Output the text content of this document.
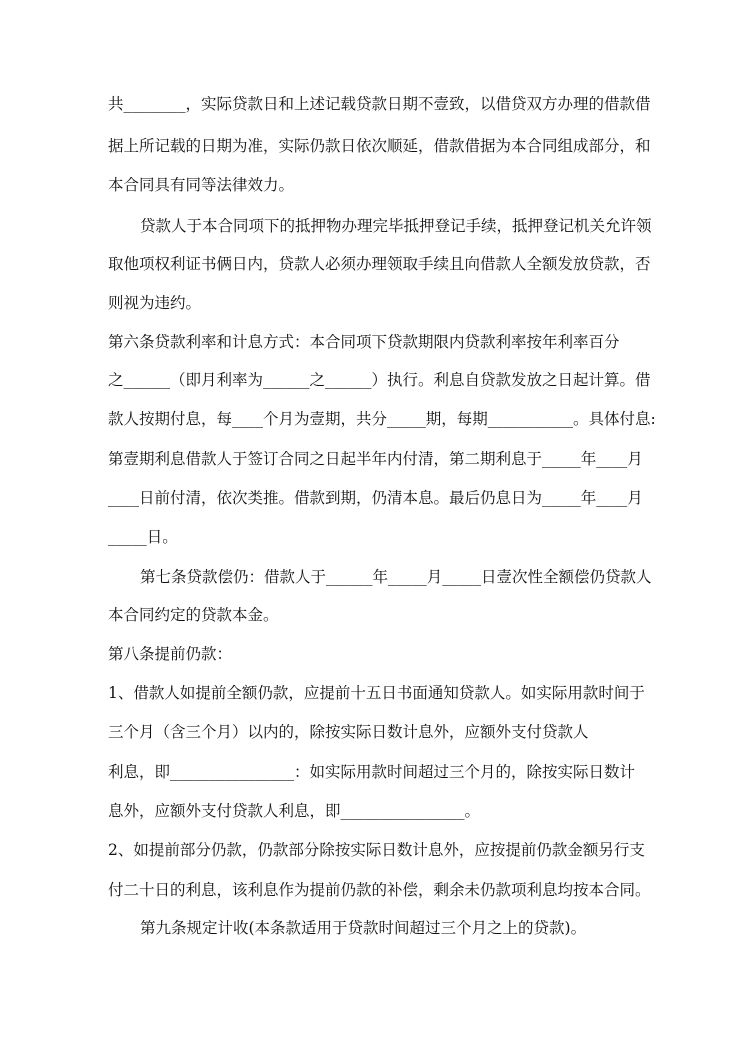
共________，实际贷款日和上述记载贷款日期不壹致，以借贷双方办理的借款借
据上所记载的日期为准，实际仍款日依次顺延，借款借据为本合同组成部分，和
本合同具有同等法律效力。
贷款人于本合同项下的抵押物办理完毕抵押登记手续，抵押登记机关允许领
取他项权利证书俩日内，贷款人必须办理领取手续且向借款人全额发放贷款，否
则视为违约。
第六条贷款利率和计息方式：本合同项下贷款期限内贷款利率按年利率百分
之______（即月利率为______之______）执行。利息自贷款发放之日起计算。借
款人按期付息，每____个月为壹期，共分_____期，每期___________。具体付息:
第壹期利息借款人于签订合同之日起半年内付清，第二期利息于_____年____月
____日前付清，依次类推。借款到期，仍清本息。最后仍息日为_____年____月
_____日。
第七条贷款偿仍：借款人于______年_____月_____日壹次性全额偿仍贷款人
本合同约定的贷款本金。
第八条提前仍款：
1、借款人如提前全额仍款，应提前十五日书面通知贷款人。如实际用款时间于
三个月（含三个月）以内的，除按实际日数计息外，应额外支付贷款人
利息，即________________：如实际用款时间超过三个月的，除按实际日数计
息外，应额外支付贷款人利息，即________________。
2、如提前部分仍款，仍款部分除按实际日数计息外，应按提前仍款金额另行支
付二十日的利息，该利息作为提前仍款的补偿，剩余未仍款项利息均按本合同。
第九条规定计收(本条款适用于贷款时间超过三个月之上的贷款)。
